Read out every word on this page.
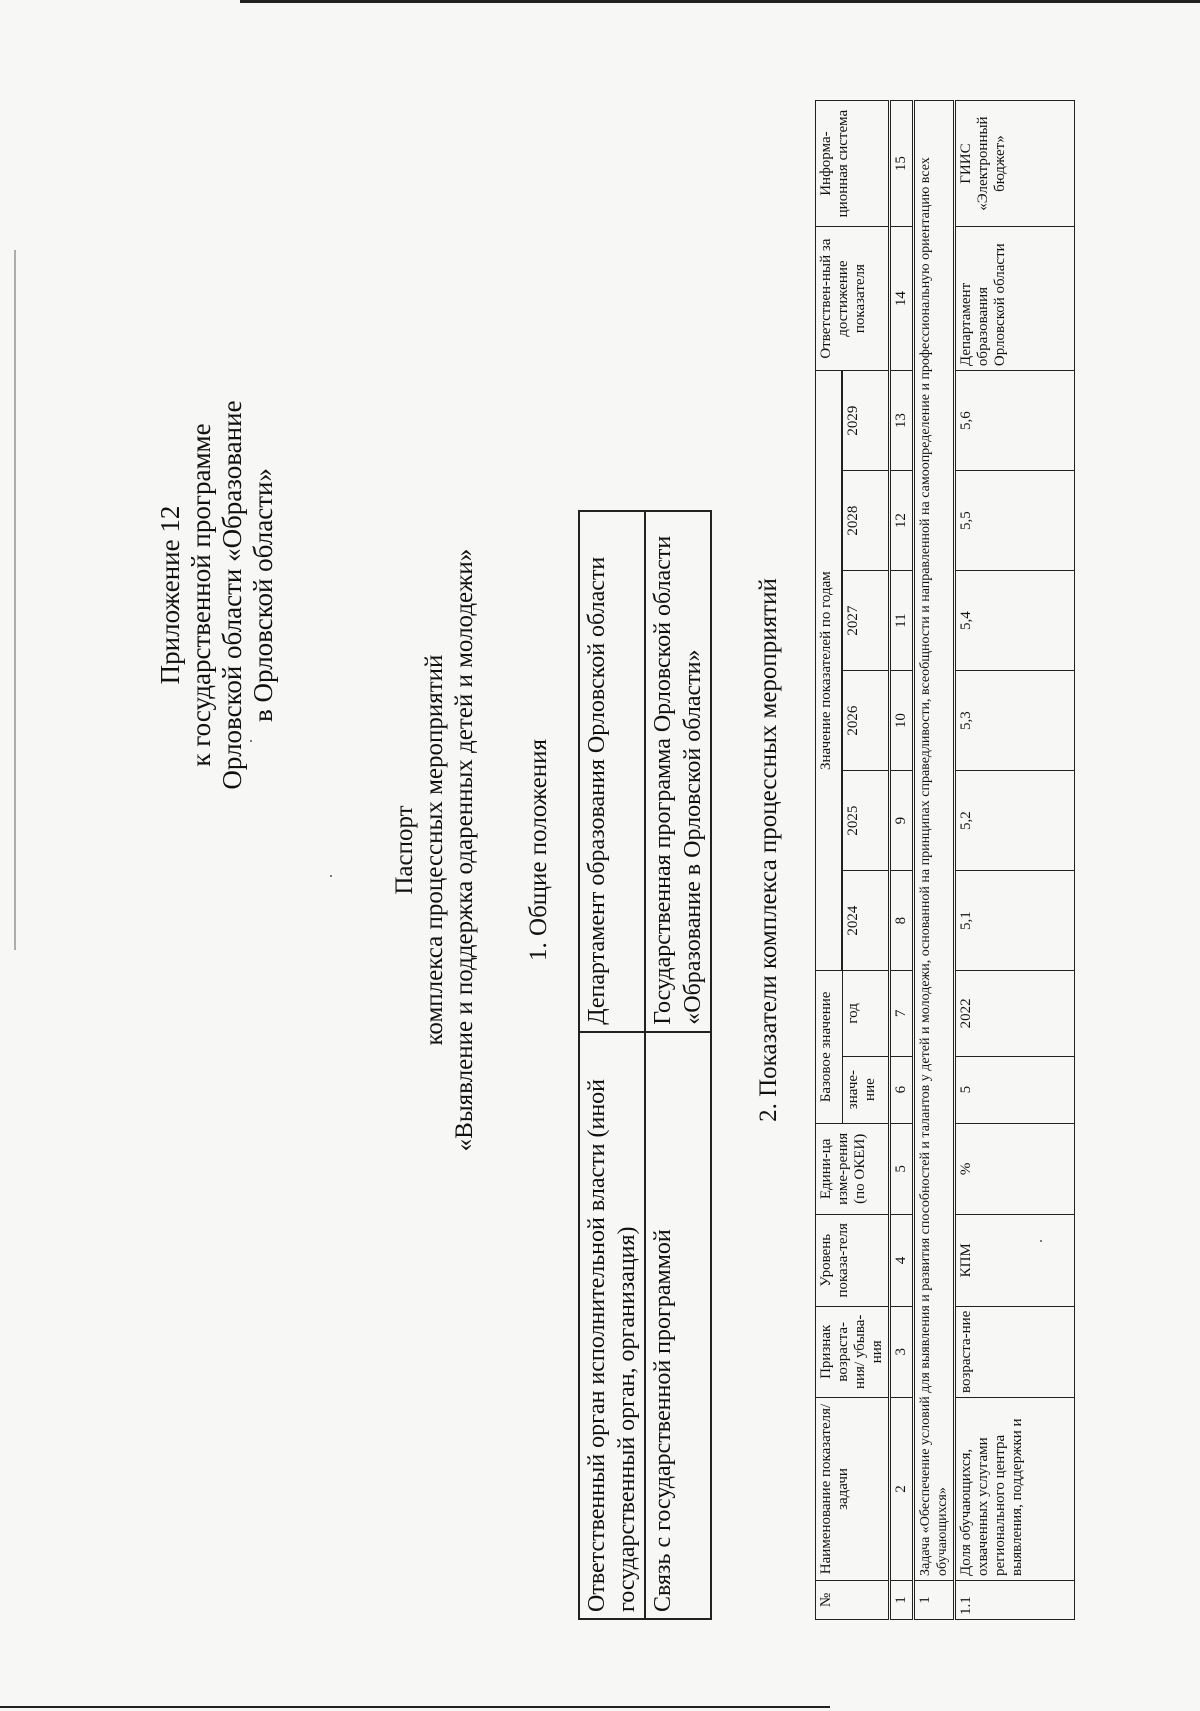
Приложение 12 к государственной программе Орловской области «Образование в Орловской области»
Паспорт комплекса процессных мероприятий «Выявление и поддержка одаренных детей и молодежи» 1. Общие положения
Ответственный орган исполнительной власти (иной государственный орган, организация)	Департамент образования Орловской области
Связь с государственной программой	Государственная программа Орловской области «Образование в Орловской области» 2. Показатели комплекса процессных мероприятий
№	Наименование показателя/задачи	Признак возраста-ния/ убыва-ния	Уровень показа-теля	Едини-ца изме-рения (по ОКЕИ)	Базовое значение		Значение показателей по годам						Ответствен-ный за достижение показателя	Информа-ционная система

					значе-ние	год	2024	2025	2026	2027	2028	2029		
1	2	3	4	5	6	7	8	9	10	11	12	13	14	15
1	Задача «Обеспечение условий для выявления и развития способностей и талантов у детей и молодежи, основанной на принципах справедливости, всеобщности и направленной на самоопределение и профессиональную ориентацию всех обучающихся»													
1.1	Доля обучающихся, охваченных услугами регионального центра выявления, поддержки и	возраста-ние	КПМ	%	5	2022	5,1	5,2	5,3	5,4	5,5	5,6	Департамент образования Орловской области	ГИИС «Электронный бюджет»
